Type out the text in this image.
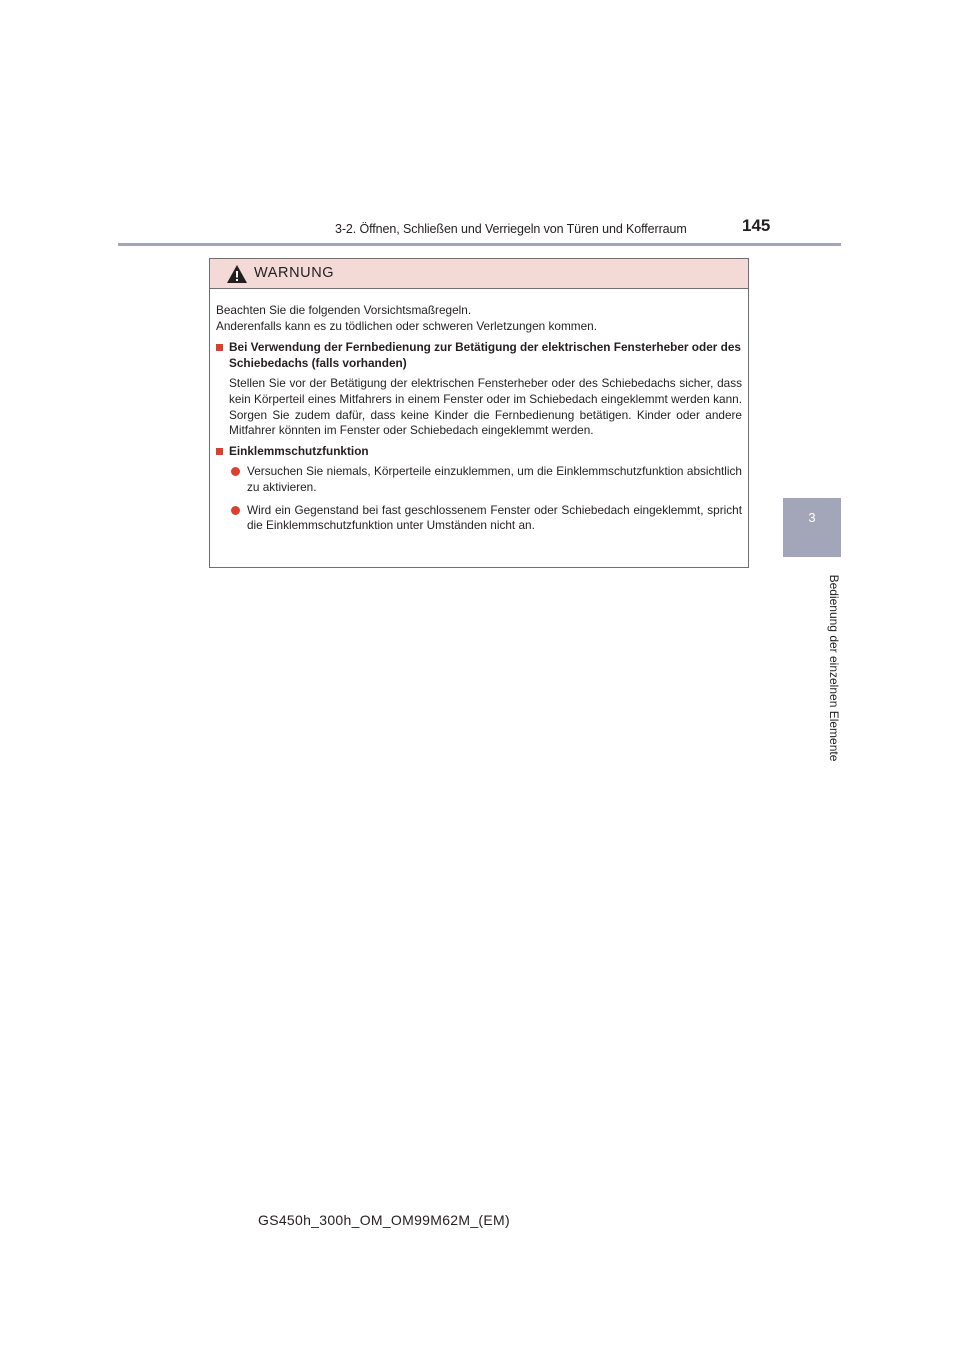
3-2. Öffnen, Schließen und Verriegeln von Türen und Kofferraum	145
3
Bedienung der einzelnen Elemente
WARNUNG
Beachten Sie die folgenden Vorsichtsmaßregeln.
Anderenfalls kann es zu tödlichen oder schweren Verletzungen kommen.
Bei Verwendung der Fernbedienung zur Betätigung der elektrischen Fensterheber oder des Schiebedachs (falls vorhanden)
Stellen Sie vor der Betätigung der elektrischen Fensterheber oder des Schiebedachs sicher, dass kein Körperteil eines Mitfahrers in einem Fenster oder im Schiebedach eingeklemmt werden kann. Sorgen Sie zudem dafür, dass keine Kinder die Fernbedienung betätigen. Kinder oder andere Mitfahrer könnten im Fenster oder Schiebedach eingeklemmt werden.
Einklemmschutzfunktion
Versuchen Sie niemals, Körperteile einzuklemmen, um die Einklemmschutzfunktion absichtlich zu aktivieren.
Wird ein Gegenstand bei fast geschlossenem Fenster oder Schiebedach eingeklemmt, spricht die Einklemmschutzfunktion unter Umständen nicht an.
GS450h_300h_OM_OM99M62M_(EM)
